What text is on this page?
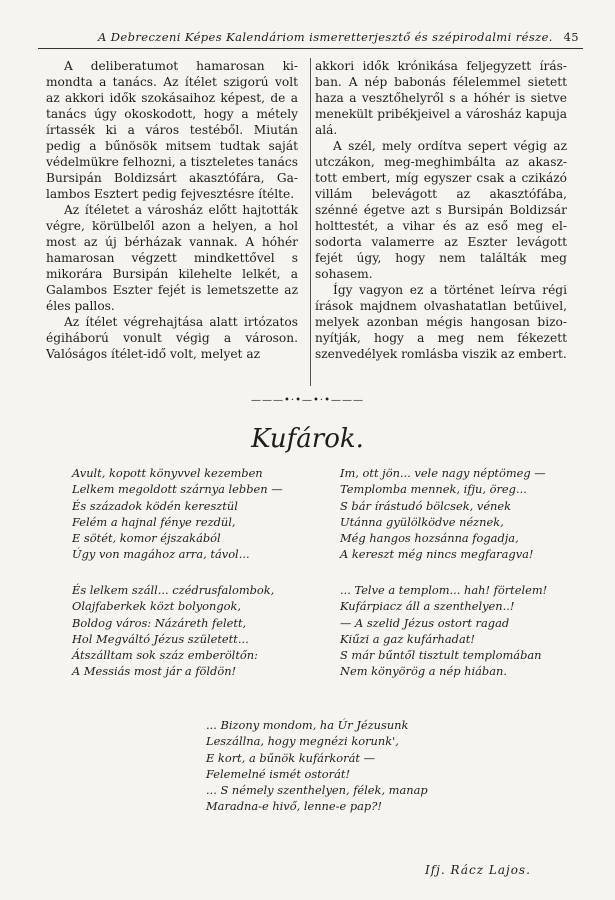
A Debreczeni Képes Kalendáriom ismeretterjesztő és szépirodalmi része. 45

A deliberatumot hamarosan kimondta a tanács. Az ítélet szigorú volt az akkori idők szokásaihoz képest, de a tanács úgy okoskodott, hogy a métely írtassék ki a város testéből. Miután pedig a bűnösök mitsem tudtak saját védelmükre felhozni, a tiszteletes tanács Bursipán Boldizsárt akasztófára, Galambos Esztert pedig fejvesztésre ítélte.

Az ítéletet a városház előtt hajtották végre, körülbelől azon a helyen, a hol most az új bérházak vannak. A hóhér hamarosan végzett mindkettővel s mikorára Bursipán kilehelte lelkét, a Galambos Eszter fejét is lemetszette az éles pallos.

Az ítélet végrehajtása alatt irtózatos égiháború vonult végig a városon. Valóságos ítélet-idő volt, melyet az

akkori idők krónikása feljegyzett írásban. A nép babonás félelemmel sietett haza a vesztőhelyről s a hóhér is sietve menekült pribékjeivel a városház kapuja alá.

A szél, mely ordítva sepert végig az utczákon, meg-meghimbálta az akasztott embert, míg egyszer csak a czikázó villám belevágott az akasztófába, szénné égetve azt s Bursipán Boldizsár holttestét, a vihar és az eső meg elsodorta valamerre az Eszter levágott fejét úgy, hogy nem találták meg sohasem.

Így vagyon ez a történet leírva régi írások majdnem olvashatatlan betűivel, melyek azonban mégis hangosan bizonyítják, hogy a meg nem fékezett szenvedélyek romlásba viszik az embert.

———•·•—•·•———
Kufárok.
Avult, kopott könyvvel kezemben
Lelkem megoldott szárnya lebben —
És századok ködén keresztül
Felém a hajnal fénye rezdül,
E sötét, komor éjszakából
Úgy von magához arra, távol...
Im, ott jön... vele nagy néptömeg —
Templomba mennek, ifju, öreg...
S bár írástudó bölcsek, vének
Utánna gyülölködve néznek,
Még hangos hozsánna fogadja,
A kereszt még nincs megfaragva!
És lelkem száll... czédrusfalombok,
Olajfaberkek közt bolyongok,
Boldog város: Názáreth felett,
Hol Megváltó Jézus született...
Átszálltam sok száz emberöltőn:
A Messiás most jár a földön!
... Telve a templom... hah! förtelem!
Kufárpiacz áll a szenthelyen..!
— A szelid Jézus ostort ragad
Kiűzi a gaz kufárhadat!
S már bűntől tisztult templomában
Nem könyörög a nép hiában.
... Bizony mondom, ha Úr Jézusunk
Leszállna, hogy megnézi korunk',
E kort, a bűnök kufárkorát —
Felemelné ismét ostorát!
... S némely szenthelyen, félek, manap
Maradna-e hivő, lenne-e pap?!
Ifj. Rácz Lajos.
